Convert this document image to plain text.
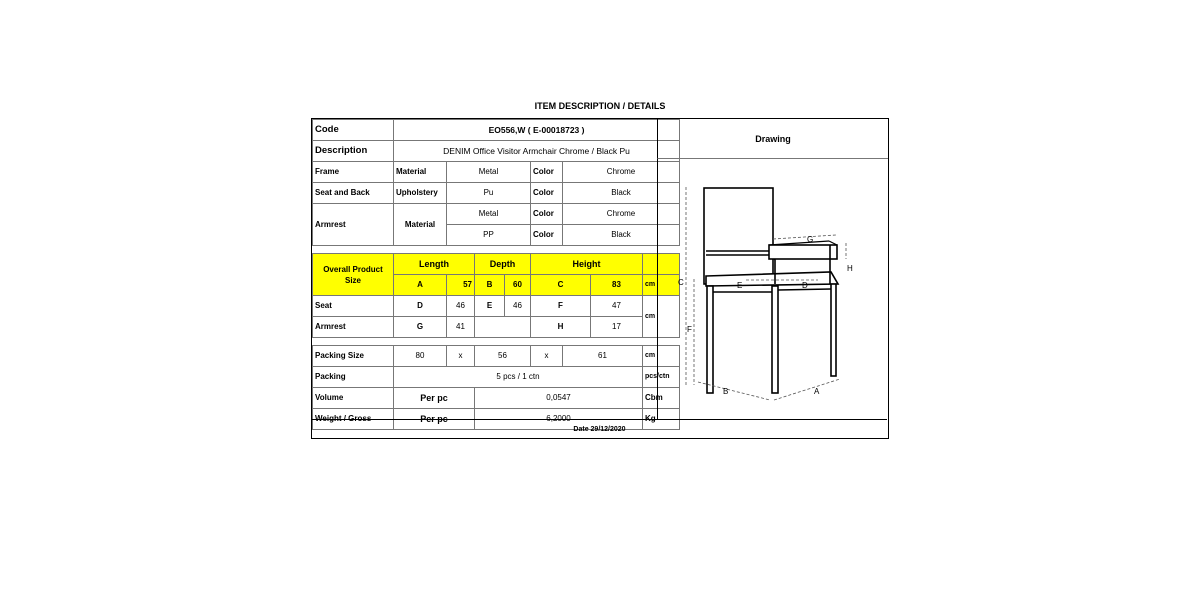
ITEM DESCRIPTION / DETAILS
Code	EO556,W ( E-00018723 )							
Description	DENIM Office Visitor Armchair Chrome / Black Pu							
Frame	Material	Metal			Color	Chrome		
Seat and Back	Upholstery	Pu			Color	Black		
Armrest	Material	Metal			Color	Chrome		
		PP			Color	Black		

Overall Product Size	Length		Depth		Height			
	A	57	B	60	C		83	cm
Seat	D	46	E	46	F		47	cm
Armrest	G	41			H		17	

Packing Size	80	x	56		x	61		cm
Packing	5 pcs / 1 ctn							pcs/ctn
Volume	Per pc		0,0547					Cbm
Weight / Gross	Per pc		6,2000					Kg
Drawing
C
F
E	D
G
H
B	A
Date 29/12/2020
